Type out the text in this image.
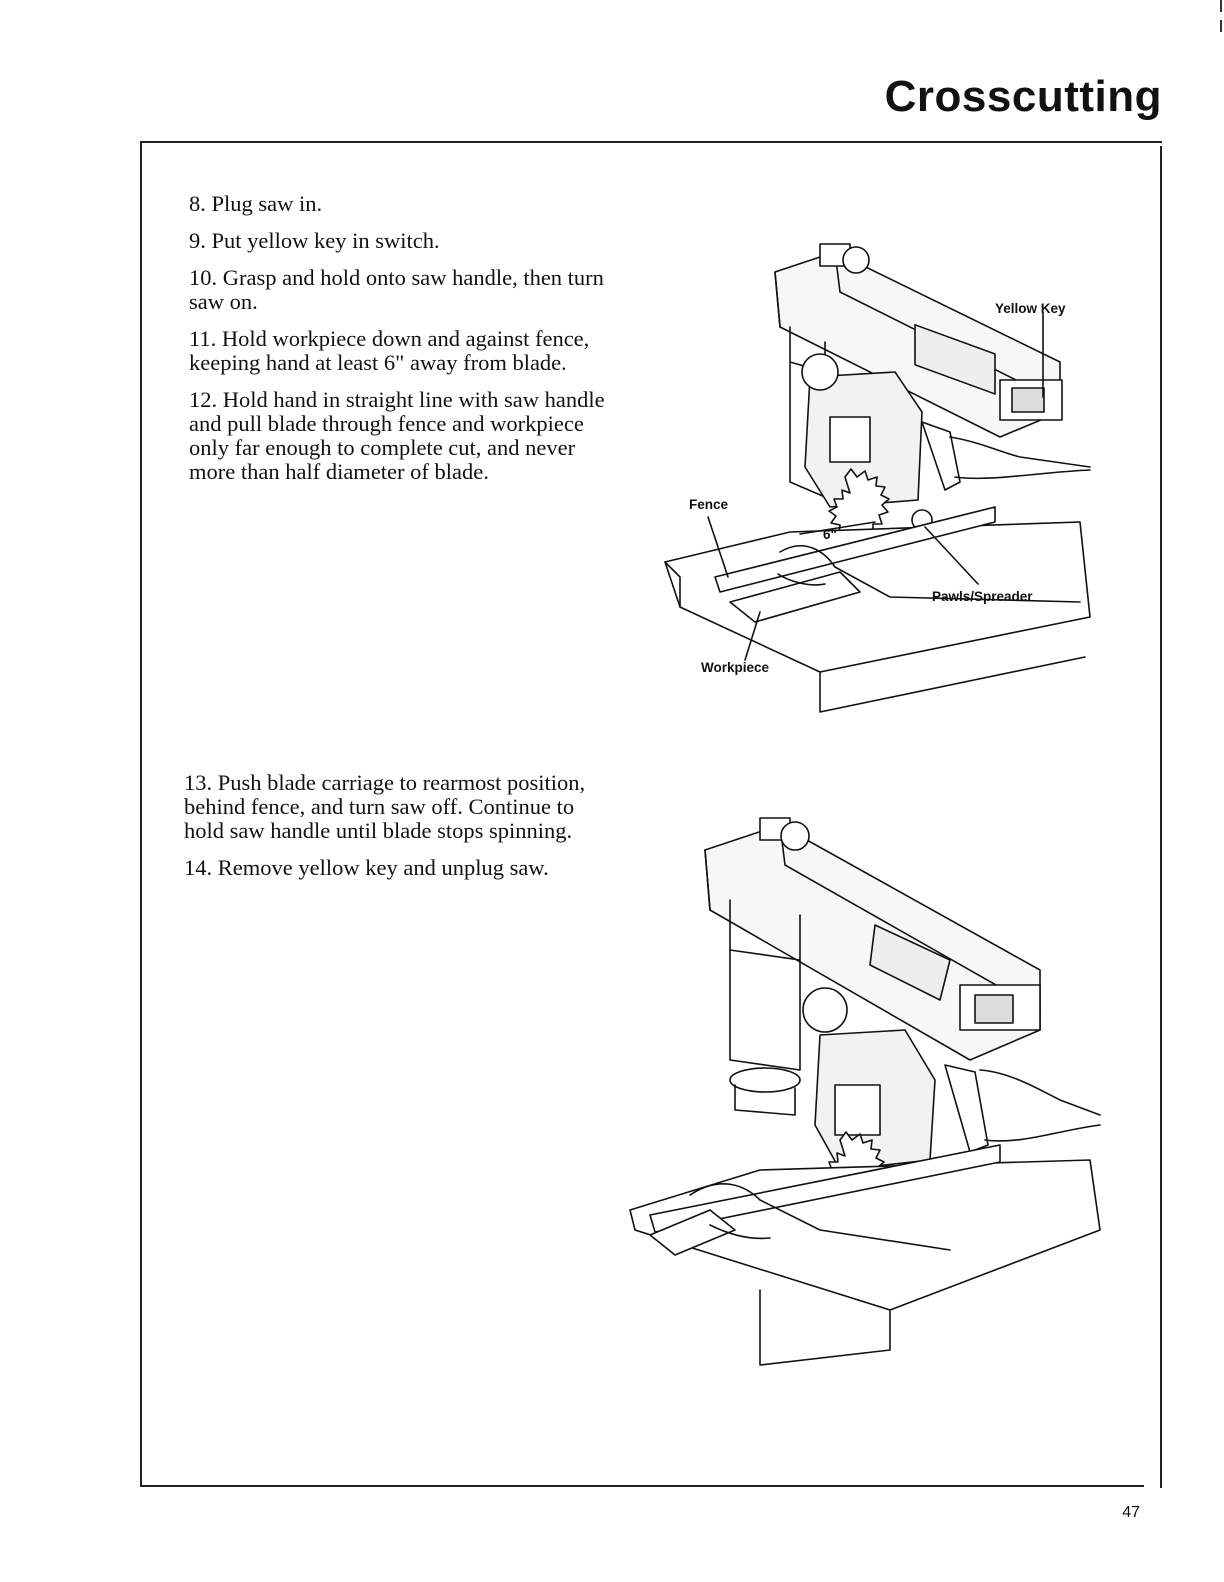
Crosscutting

8. Plug saw in.

9. Put yellow key in switch.

10. Grasp and hold onto saw handle, then turn saw on.

11. Hold workpiece down and against fence, keeping hand at least 6" away from blade.

12. Hold hand in straight line with saw handle and pull blade through fence and workpiece only far enough to complete cut, and never more than half diameter of blade.

13. Push blade carriage to rearmost position, behind fence, and turn saw off. Continue to hold saw handle until blade stops spinning.

14. Remove yellow key and unplug saw.

Yellow Key
Fence
Pawls/Spreader
Workpiece
6"
47
